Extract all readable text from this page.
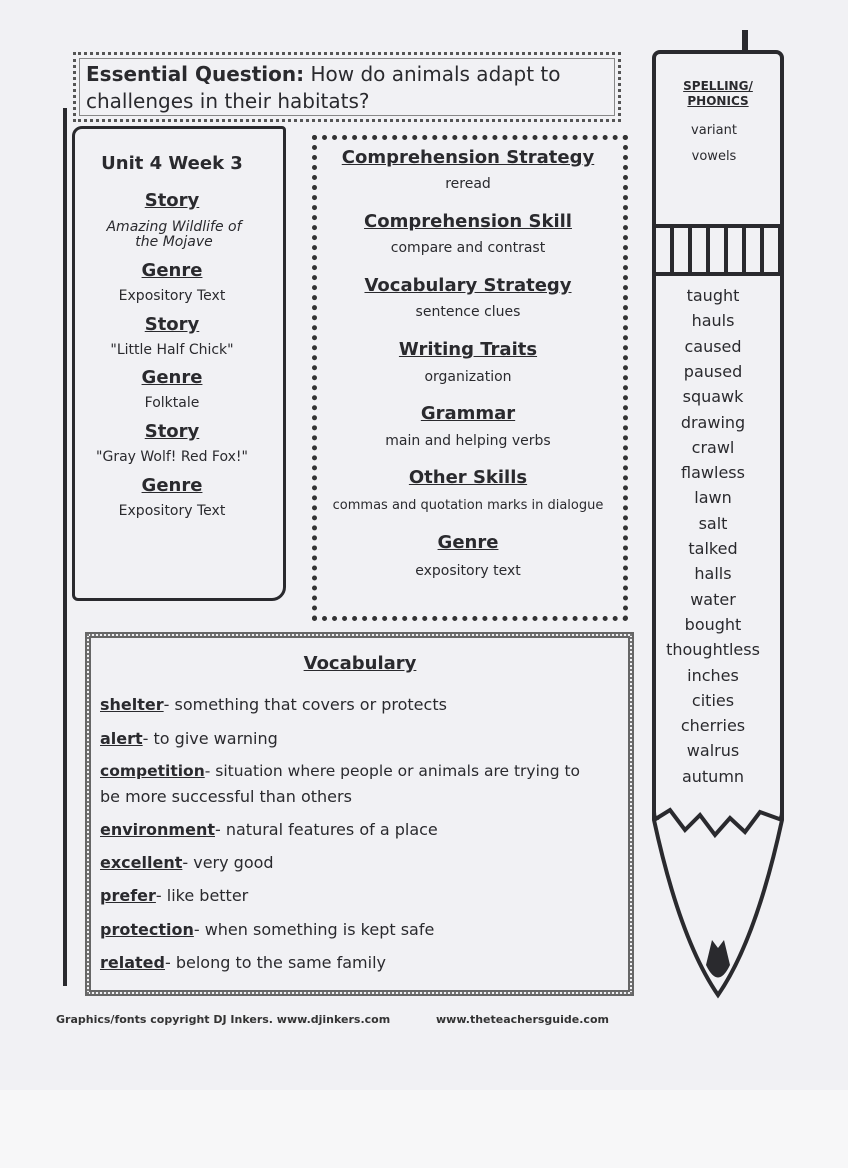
Essential Question: How do animals adapt to challenges in their habitats?
Unit 4 Week 3
Story
Amazing Wildlife of the Mojave
Genre
Expository Text
Story
"Little Half Chick"
Genre
Folktale
Story
"Gray Wolf! Red Fox!"
Genre
Expository Text
Comprehension Strategy
reread
Comprehension Skill
compare and contrast
Vocabulary Strategy
sentence clues
Writing Traits
organization
Grammar
main and helping verbs
Other Skills
commas and quotation marks in dialogue
Genre
expository text
Vocabulary
shelter- something that covers or protects
alert- to give warning
competition- situation where people or animals are trying to
be more successful than others
environment- natural features of a place
excellent- very good
prefer- like better
protection- when something is kept safe
related- belong to the same family
SPELLING/
PHONICS
variant
vowels
taught
hauls
caused
paused
squawk
drawing
crawl
flawless
lawn
salt
talked
halls
water
bought
thoughtless
inches
cities
cherries
walrus
autumn
Graphics/fonts copyright DJ Inkers. www.djinkers.com	www.theteachersguide.com
